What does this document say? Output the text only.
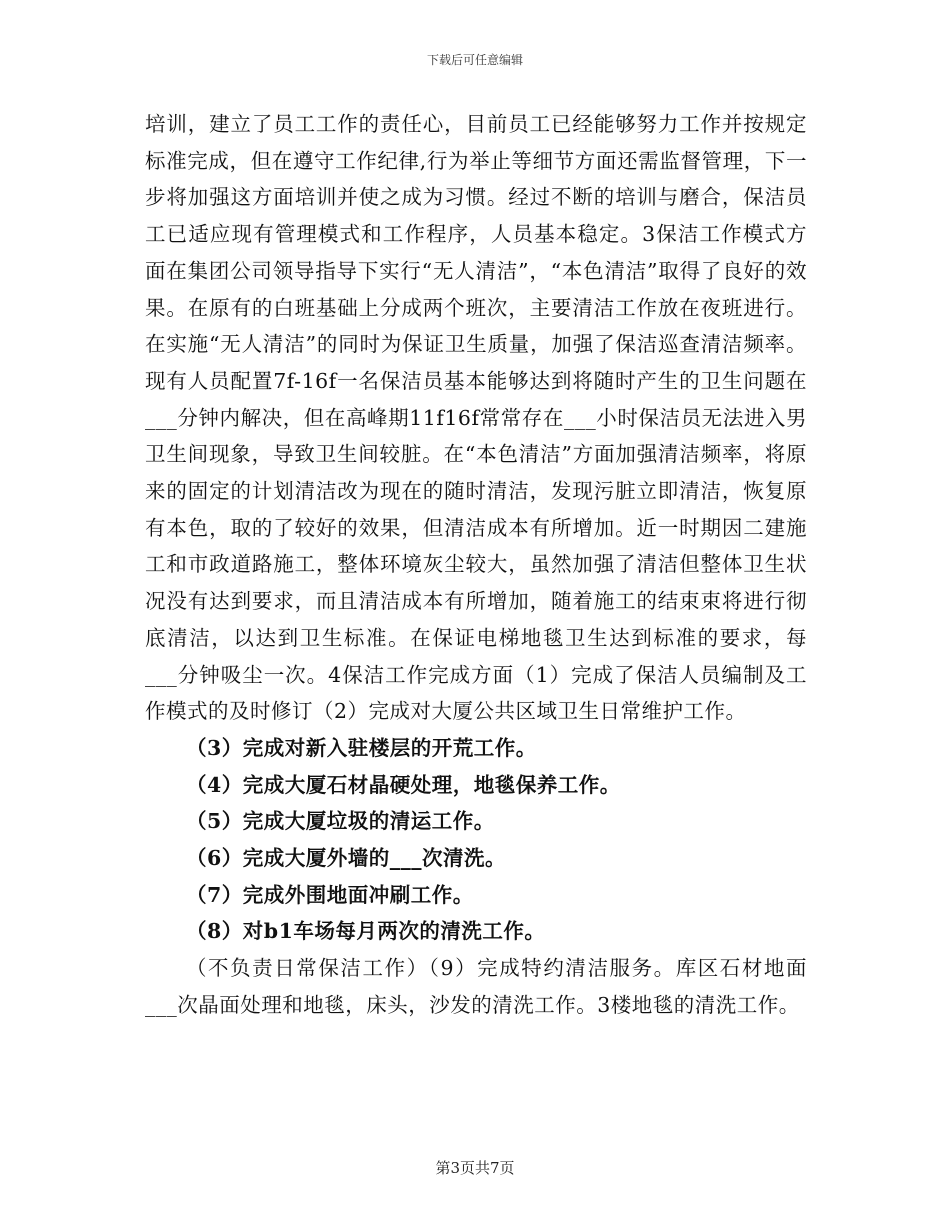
下载后可任意编辑

培训，建立了员工工作的责任心，目前员工已经能够努力工作并按规定标准完成，但在遵守工作纪律,行为举止等细节方面还需监督管理，下一步将加强这方面培训并使之成为习惯。经过不断的培训与磨合，保洁员工已适应现有管理模式和工作程序，人员基本稳定。3保洁工作模式方面在集团公司领导指导下实行“无人清洁”，“本色清洁”取得了良好的效果。在原有的白班基础上分成两个班次，主要清洁工作放在夜班进行。在实施“无人清洁”的同时为保证卫生质量，加强了保洁巡查清洁频率。现有人员配置7f-16f一名保洁员基本能够达到将随时产生的卫生问题在___分钟内解决，但在高峰期11f16f常常存在___小时保洁员无法进入男卫生间现象，导致卫生间较脏。在“本色清洁”方面加强清洁频率，将原来的固定的计划清洁改为现在的随时清洁，发现污脏立即清洁，恢复原有本色，取的了较好的效果，但清洁成本有所增加。近一时期因二建施工和市政道路施工，整体环境灰尘较大，虽然加强了清洁但整体卫生状况没有达到要求，而且清洁成本有所增加，随着施工的结束束将进行彻底清洁，以达到卫生标准。在保证电梯地毯卫生达到标准的要求，每___分钟吸尘一次。4保洁工作完成方面（1）完成了保洁人员编制及工作模式的及时修订（2）完成对大厦公共区域卫生日常维护工作。

（3）完成对新入驻楼层的开荒工作。

（4）完成大厦石材晶硬处理，地毯保养工作。

（5）完成大厦垃圾的清运工作。

（6）完成大厦外墙的___次清洗。

（7）完成外围地面冲刷工作。

（8）对b1车场每月两次的清洗工作。

（不负责日常保洁工作）（9）完成特约清洁服务。库区石材地面___次晶面处理和地毯，床头，沙发的清洗工作。3楼地毯的清洗工作。

第3页共7页
